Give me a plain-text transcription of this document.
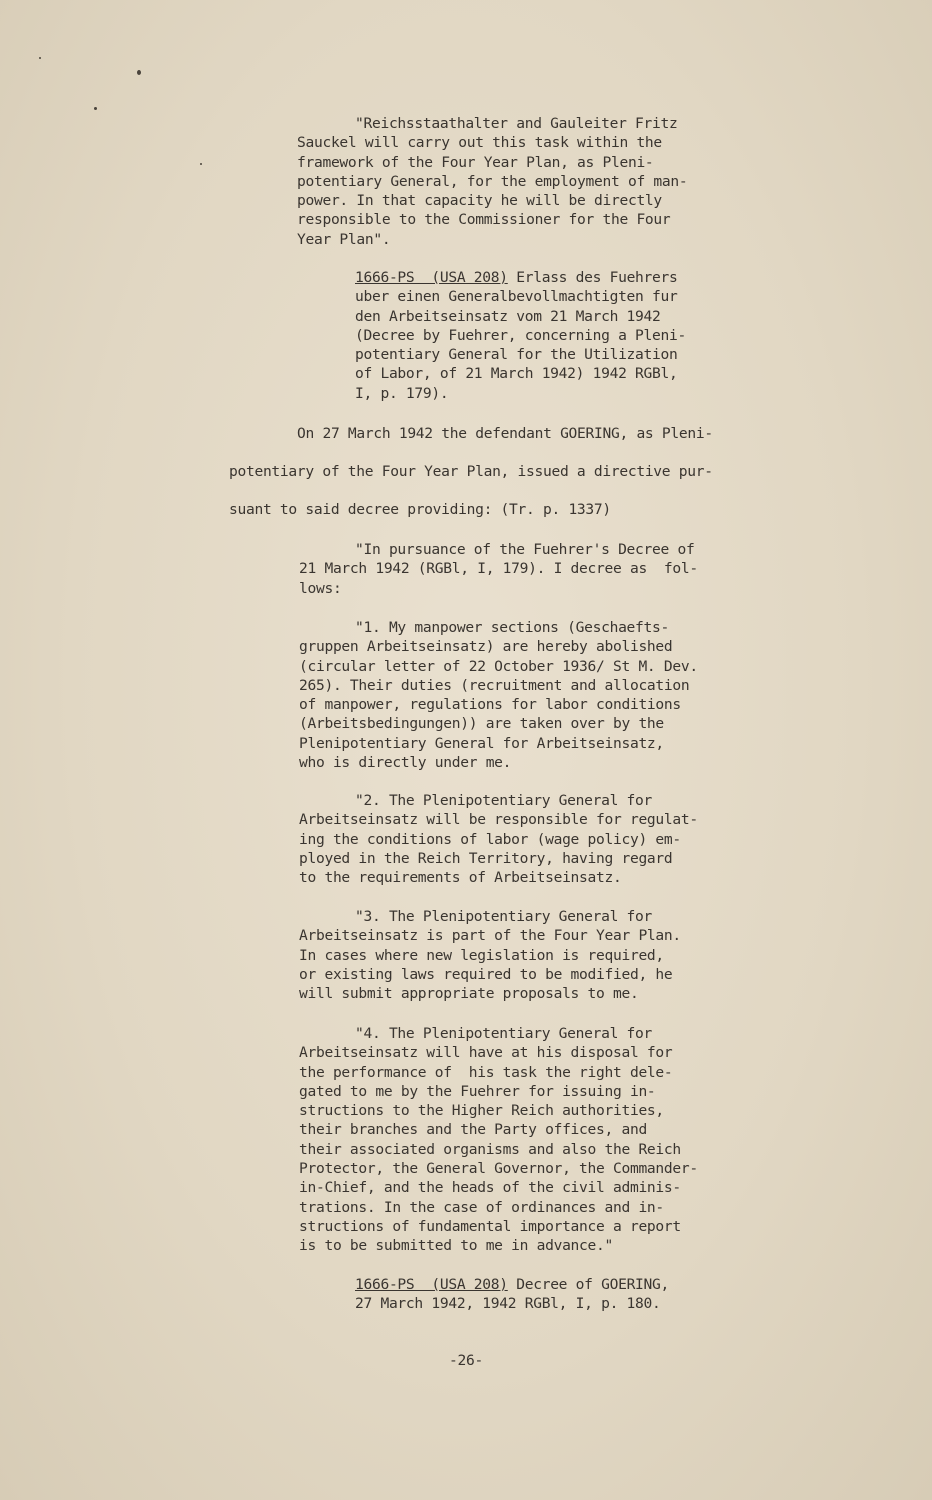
"Reichsstaathalter and Gauleiter Fritz
Sauckel will carry out this task within the
framework of the Four Year Plan, as Pleni-
potentiary General, for the employment of man-
power. In that capacity he will be directly
responsible to the Commissioner for the Four
Year Plan".
1666-PS  (USA 208) Erlass des Fuehrers
uber einen Generalbevollmachtigten fur
den Arbeitseinsatz vom 21 March 1942
(Decree by Fuehrer, concerning a Pleni-
potentiary General for the Utilization
of Labor, of 21 March 1942) 1942 RGBl,
I, p. 179).
On 27 March 1942 the defendant GOERING, as Pleni-
potentiary of the Four Year Plan, issued a directive pur-
suant to said decree providing: (Tr. p. 1337)
"In pursuance of the Fuehrer's Decree of
21 March 1942 (RGBl, I, 179). I decree as  fol-
lows:
"1. My manpower sections (Geschaefts-
gruppen Arbeitseinsatz) are hereby abolished
(circular letter of 22 October 1936/ St M. Dev.
265). Their duties (recruitment and allocation
of manpower, regulations for labor conditions
(Arbeitsbedingungen)) are taken over by the
Plenipotentiary General for Arbeitseinsatz,
who is directly under me.
"2. The Plenipotentiary General for
Arbeitseinsatz will be responsible for regulat-
ing the conditions of labor (wage policy) em-
ployed in the Reich Territory, having regard
to the requirements of Arbeitseinsatz.
"3. The Plenipotentiary General for
Arbeitseinsatz is part of the Four Year Plan.
In cases where new legislation is required,
or existing laws required to be modified, he
will submit appropriate proposals to me.
"4. The Plenipotentiary General for
Arbeitseinsatz will have at his disposal for
the performance of  his task the right dele-
gated to me by the Fuehrer for issuing in-
structions to the Higher Reich authorities,
their branches and the Party offices, and
their associated organisms and also the Reich
Protector, the General Governor, the Commander-
in-Chief, and the heads of the civil adminis-
trations. In the case of ordinances and in-
structions of fundamental importance a report
is to be submitted to me in advance."
1666-PS  (USA 208) Decree of GOERING,
27 March 1942, 1942 RGBl, I, p. 180.
-26-
